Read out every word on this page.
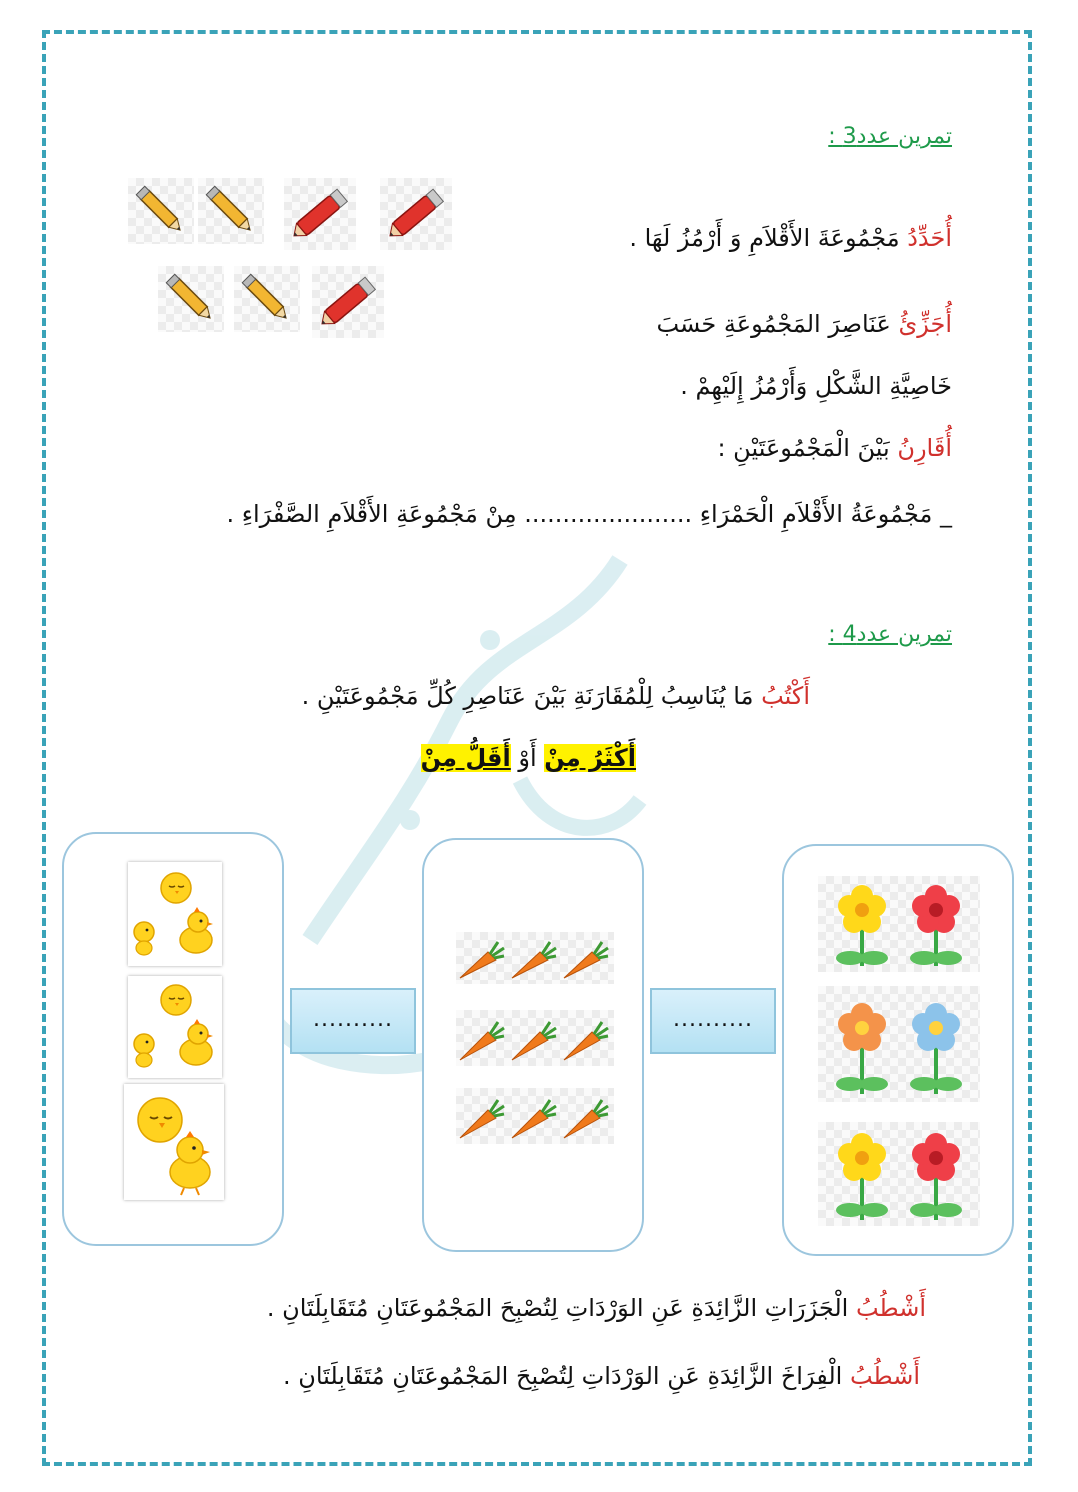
تمرين عدد3 :
أُحَدِّدُ مَجْمُوعَةَ الأَقْلاَمِ وَ أَرْمُزُ لَهَا .
أُجَزِّئُ عَنَاصِرَ المَجْمُوعَةِ حَسَبَ
خَاصِيَّةِ الشَّكْلِ وَأَرْمُزُ إِلَيْهِمْ .
أُقَارِنُ بَيْنَ الْمَجْمُوعَتَيْنِ :
_ مَجْمُوعَةُ الأَقْلاَمِ الْحَمْرَاءِ ...................... مِنْ مَجْمُوعَةِ الأَقْلاَمِ الصَّفْرَاءِ .
تمرين عدد4 :
أَكْتُبُ مَا يُنَاسِبُ لِلْمُقَارَنَةِ بَيْنَ عَنَاصِرِ كُلِّ مَجْمُوعَتَيْنِ .
أَكْثَرُ مِنْ أَوْ أَقَلُّ مِنْ
..........	..........
أَشْطُبُ الْجَزَرَاتِ الزَّائِدَةِ عَنِ الوَرْدَاتِ لِتُصْبِحَ المَجْمُوعَتَانِ مُتَقَابِلَتَانِ .
أَشْطُبُ الْفِرَاخَ الزَّائِدَةِ عَنِ الوَرْدَاتِ لِتُصْبِحَ المَجْمُوعَتَانِ مُتَقَابِلَتَانِ .
